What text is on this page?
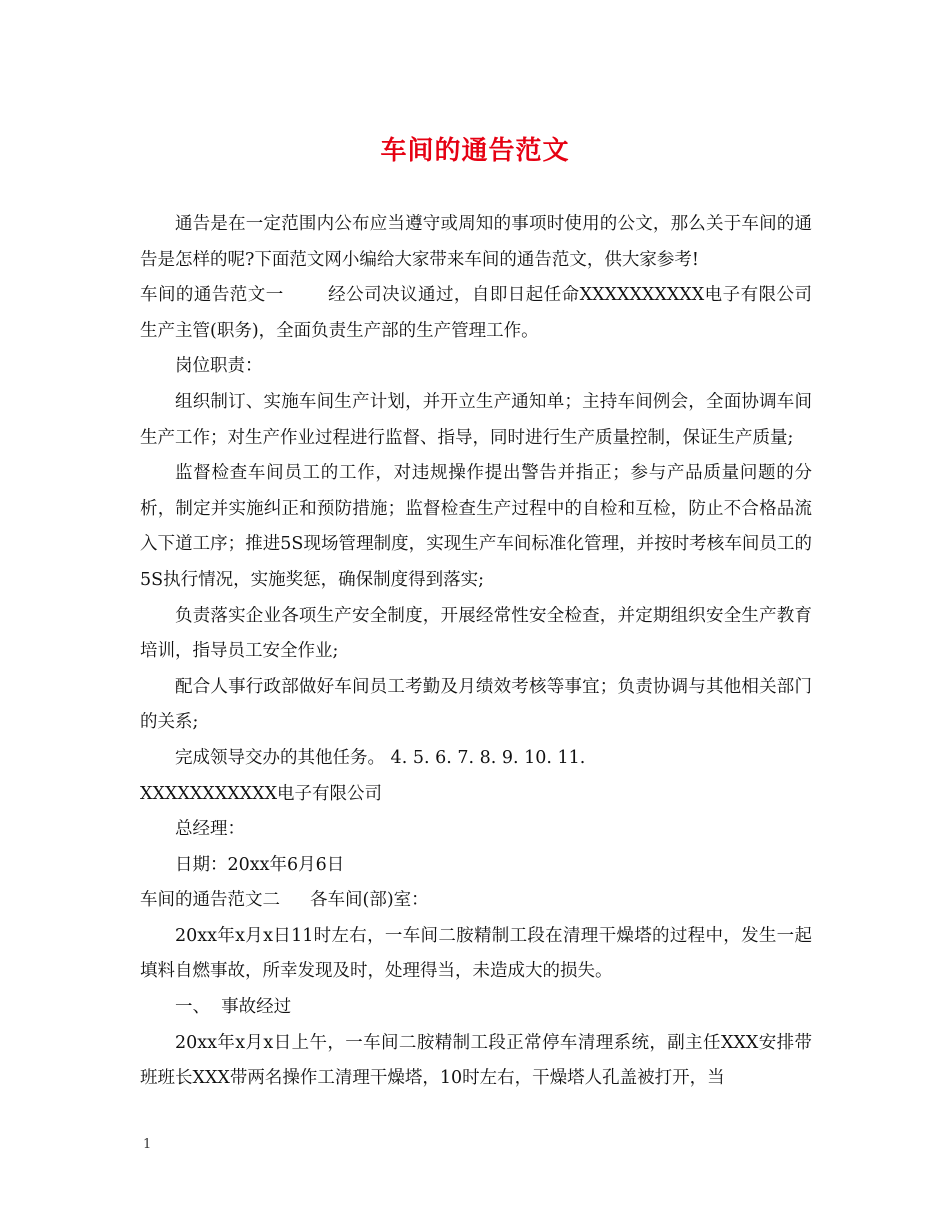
车间的通告范文

通告是在一定范围内公布应当遵守或周知的事项时使用的公文，那么关于车间的通告是怎样的呢?下面范文网小编给大家带来车间的通告范文，供大家参考!

车间的通告范文一	经公司决议通过，自即日起任命XXXXXXXXXX电子有限公司生产主管(职务)，全面负责生产部的生产管理工作。

岗位职责：

组织制订、实施车间生产计划，并开立生产通知单；主持车间例会，全面协调车间生产工作；对生产作业过程进行监督、指导，同时进行生产质量控制，保证生产质量;

监督检查车间员工的工作，对违规操作提出警告并指正；参与产品质量问题的分析，制定并实施纠正和预防措施；监督检查生产过程中的自检和互检，防止不合格品流入下道工序；推进5S现场管理制度，实现生产车间标准化管理，并按时考核车间员工的5S执行情况，实施奖惩，确保制度得到落实;

负责落实企业各项生产安全制度，开展经常性安全检查，并定期组织安全生产教育培训，指导员工安全作业;

配合人事行政部做好车间员工考勤及月绩效考核等事宜；负责协调与其他相关部门的关系;

完成领导交办的其他任务。 4. 5. 6. 7. 8. 9. 10. 11.

XXXXXXXXXXX电子有限公司

总经理：

日期：20xx年6月6日

车间的通告范文二 各车间(部)室：

20xx年x月x日11时左右，一车间二胺精制工段在清理干燥塔的过程中，发生一起填料自燃事故，所幸发现及时，处理得当，未造成大的损失。

一、  事故经过

20xx年x月x日上午，一车间二胺精制工段正常停车清理系统，副主任XXX安排带班班长XXX带两名操作工清理干燥塔，10时左右，干燥塔人孔盖被打开，当

1
